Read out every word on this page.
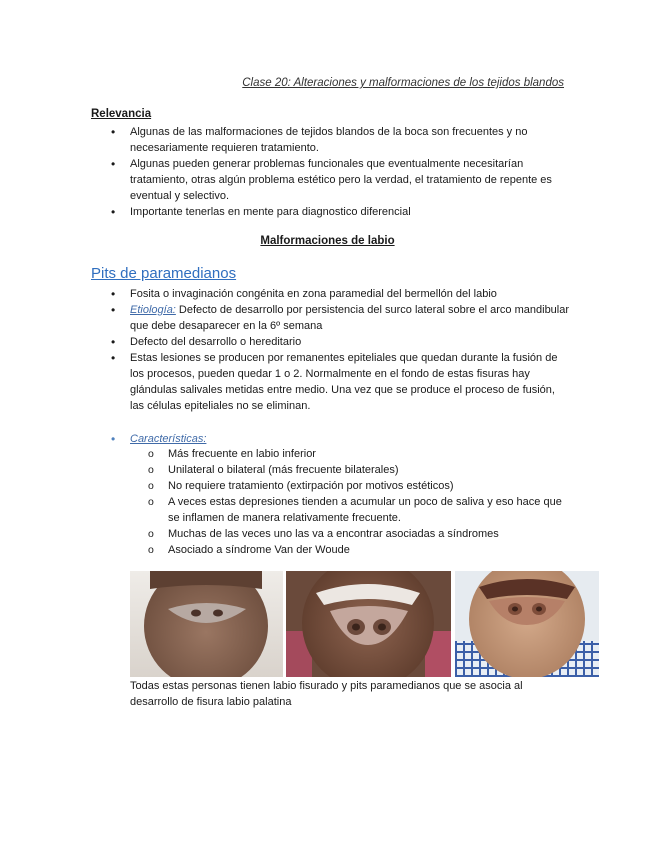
Clase 20: Alteraciones y malformaciones de los tejidos blandos
Relevancia
• Algunas de las malformaciones de tejidos blandos de la boca son frecuentes y no necesariamente requieren tratamiento.
• Algunas pueden generar problemas funcionales que eventualmente necesitarían tratamiento, otras algún problema estético pero la verdad, el tratamiento de repente es eventual y selectivo.
• Importante tenerlas en mente para diagnostico diferencial
Malformaciones de labio
Pits de paramedianos
• Fosita o invaginación congénita en zona paramedial del bermellón del labio
• Etiología: Defecto de desarrollo por persistencia del surco lateral sobre el arco mandibular que debe desaparecer en la 6º semana
• Defecto del desarrollo o hereditario
• Estas lesiones se producen por remanentes epiteliales que quedan durante la fusión de los procesos, pueden quedar 1 o 2. Normalmente en el fondo de estas fisuras hay glándulas salivales metidas entre medio. Una vez que se produce el proceso de fusión, las células epiteliales no se eliminan.
• Características:
o Más frecuente en labio inferior
o Unilateral o bilateral (más frecuente bilaterales)
o No requiere tratamiento (extirpación por motivos estéticos)
o A veces estas depresiones tienden a acumular un poco de saliva y eso hace que se inflamen de manera relativamente frecuente.
o Muchas de las veces uno las va a encontrar asociadas a síndromes
o Asociado a síndrome Van der Woude
Todas estas personas tienen labio fisurado y pits paramedianos que se asocia al desarrollo de fisura labio palatina
